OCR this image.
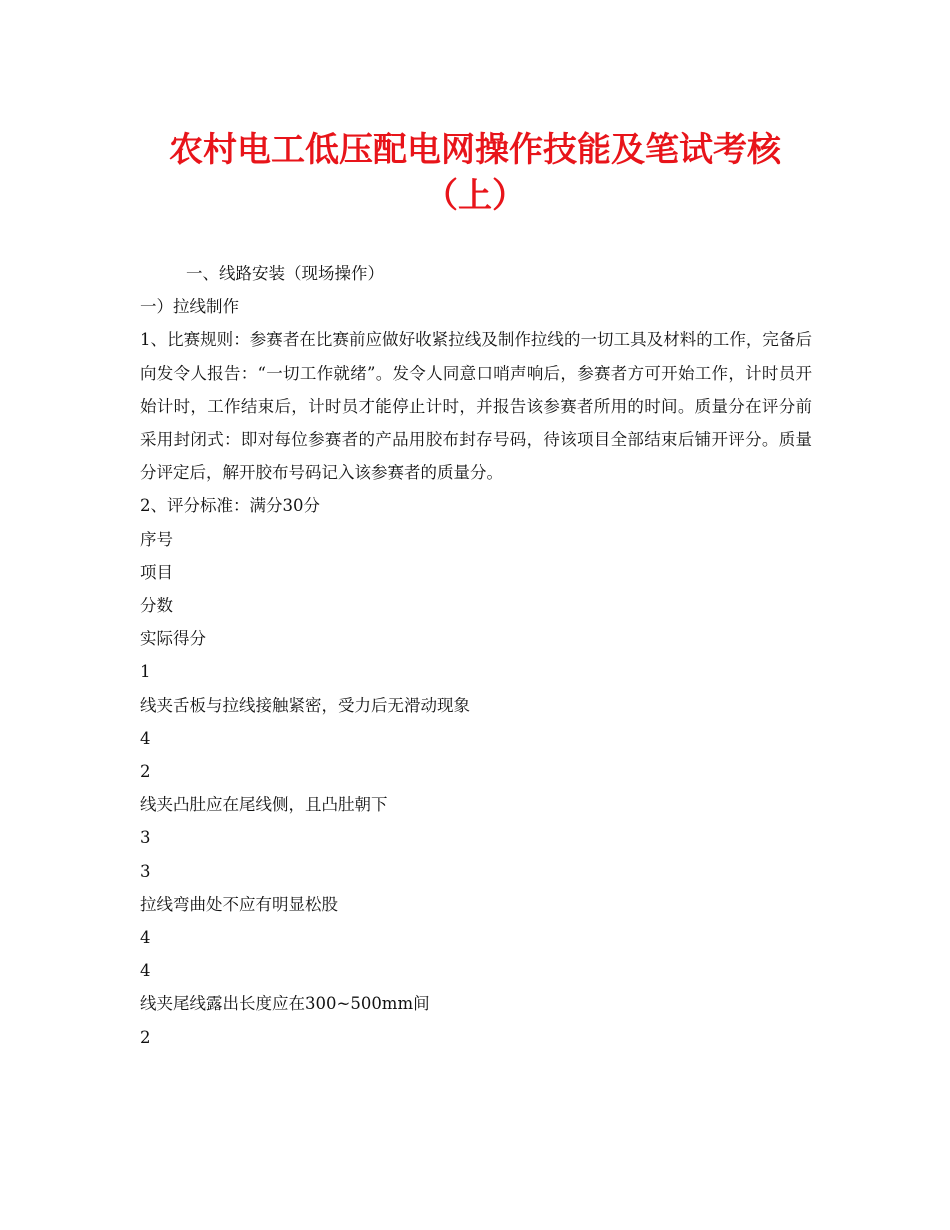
农村电工低压配电网操作技能及笔试考核
（上）

一、线路安装（现场操作）

一）拉线制作

1、比赛规则：参赛者在比赛前应做好收紧拉线及制作拉线的一切工具及材料的工作，完备后向发令人报告：“一切工作就绪”。发令人同意口哨声响后，参赛者方可开始工作，计时员开始计时，工作结束后，计时员才能停止计时，并报告该参赛者所用的时间。质量分在评分前采用封闭式：即对每位参赛者的产品用胶布封存号码，待该项目全部结束后铺开评分。质量分评定后，解开胶布号码记入该参赛者的质量分。

2、评分标准：满分30分

序号

项目

分数

实际得分

1

线夹舌板与拉线接触紧密，受力后无滑动现象

4

2

线夹凸肚应在尾线侧，且凸肚朝下

3

3

拉线弯曲处不应有明显松股

4

4

线夹尾线露出长度应在300~500mm间

2
